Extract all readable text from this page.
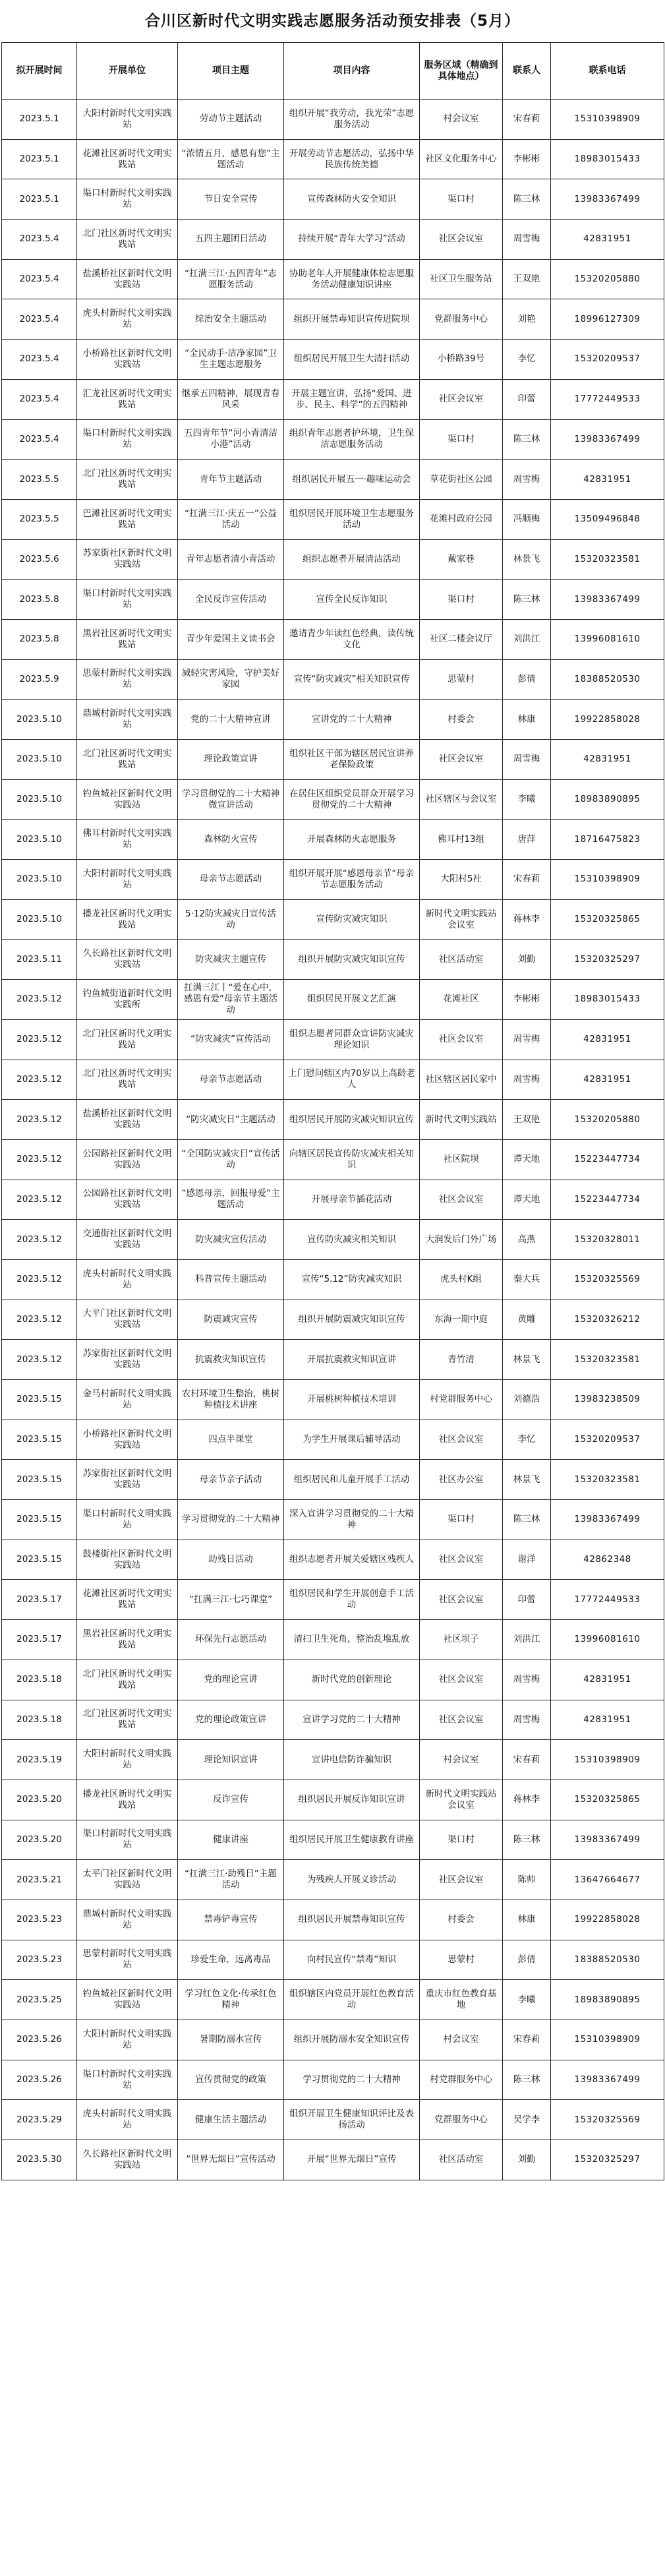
合川区新时代文明实践志愿服务活动预安排表（5月）
拟开展时间	开展单位	项目主题	项目内容	服务区域（精确到具体地点）	联系人	联系电话
2023.5.1	大阳村新时代文明实践站	劳动节主题活动	组织开展“我劳动，我光荣”志愿服务活动	村会议室	宋春莉	15310398909
2023.5.1	花滩社区新时代文明实践站	“浓情五月，感恩有您”主题活动	开展劳动节志愿活动，弘扬中华民族传统美德	社区文化服务中心	李彬彬	18983015433
2023.5.1	渠口村新时代文明实践站	节日安全宣传	宣传森林防火安全知识	渠口村	陈三林	13983367499
2023.5.4	北门社区新时代文明实践站	五四主题团日活动	持续开展“青年大学习”活动	社区会议室	周雪梅	42831951
2023.5.4	盐溪桥社区新时代文明实践站	“扛满三江·五四青年”志愿服务活动	协助老年人开展健康体检志愿服务活动健康知识讲座	社区卫生服务站	王双艳	15320205880
2023.5.4	虎头村新时代文明实践站	综治安全主题活动	组织开展禁毒知识宣传进院坝	党群服务中心	刘艳	18996127309
2023.5.4	小桥路社区新时代文明实践站	“全民动手·洁净家园”卫生主题志愿服务	组织居民开展卫生大清扫活动	小桥路39号	李忆	15320209537
2023.5.4	汇龙社区新时代文明实践站	继承五四精神，展现青春风采	开展主题宣讲，弘扬“爱国、进步、民主、科学”的五四精神	社区会议室	印蕾	17772449533
2023.5.4	渠口村新时代文明实践站	五四青年节“河小青清洁小港”活动	组织青年志愿者护环境，卫生保洁志愿服务活动	渠口村	陈三林	13983367499
2023.5.5	北门社区新时代文明实践站	青年节主题活动	组织居民开展五一·趣味运动会	草花街社区公园	周雪梅	42831951
2023.5.5	巴滩社区新时代文明实践站	“扛满三江·庆五一”公益活动	组织居民开展环境卫生志愿服务活动	花滩村政府公园	冯顺梅	13509496848
2023.5.6	苏家街社区新时代文明实践站	青年志愿者清小青活动	组织志愿者开展清洁活动	戴家巷	林景飞	15320323581
2023.5.8	渠口村新时代文明实践站	全民反诈宣传活动	宣传全民反诈知识	渠口村	陈三林	13983367499
2023.5.8	黑岩社区新时代文明实践站	青少年爱国主义读书会	邀请青少年读红色经典，读传统文化	社区二楼会议厅	刘洪江	13996081610
2023.5.9	思蒙村新时代文明实践站	减轻灾害风险，守护美好家园	宣传“防灾减灾”相关知识宣传	思蒙村	彭倩	18388520530
2023.5.10	鼎城村新时代文明实践站	党的二十大精神宣讲	宣讲党的二十大精神	村委会	林康	19922858028
2023.5.10	北门社区新时代文明实践站	理论政策宣讲	组织社区干部为辖区居民宣讲养老保险政策	社区会议室	周雪梅	42831951
2023.5.10	钓鱼城社区新时代文明实践站	学习贯彻党的二十大精神微宣讲活动	在居住区组织党员群众开展学习贯彻党的二十大精神	社区辖区与会议室	李曦	18983890895
2023.5.10	佛耳村新时代文明实践站	森林防火宣传	开展森林防火志愿服务	佛耳村13组	唐萍	18716475823
2023.5.10	大阳村新时代文明实践站	母亲节志愿活动	组织开展开展“感恩母亲节”母亲节志愿服务活动	大阳村5社	宋春莉	15310398909
2023.5.10	播龙社区新时代文明实践站	5·12防灾减灾日宣传活动	宣传防灾减灾知识	新时代文明实践站会议室	蒋林李	15320325865
2023.5.11	久长路社区新时代文明实践站	防灾减灾主题宣传	组织开展防灾减灾知识宣传	社区活动室	刘勤	15320325297
2023.5.12	钓鱼城街道新时代文明实践所	扛满三江丨“爱在心中，感恩有爱”母亲节主题活动	组织居民开展文艺汇演	花滩社区	李彬彬	18983015433
2023.5.12	北门社区新时代文明实践站	“防灾减灾”宣传活动	组织志愿者同群众宣讲防灾减灾理论知识	社区会议室	周雪梅	42831951
2023.5.12	北门社区新时代文明实践站	母亲节志愿活动	上门慰问辖区内70岁以上高龄老人	社区辖区居民家中	周雪梅	42831951
2023.5.12	盐溪桥社区新时代文明实践站	“防灾减灾日”主题活动	组织居民开展防灾减灾知识宣传	新时代文明实践站	王双艳	15320205880
2023.5.12	公园路社区新时代文明实践站	“全国防灾减灾日”宣传活动	向辖区居民宣传防灾减灾相关知识	社区院坝	谭天地	15223447734
2023.5.12	公园路社区新时代文明实践站	“感恩母亲，回报母爱”主题活动	开展母亲节插花活动	社区会议室	谭天地	15223447734
2023.5.12	交通街社区新时代文明实践站	防灾减灾宣传活动	宣传防灾减灾相关知识	大润发后门外广场	高燕	15320328011
2023.5.12	虎头村新时代文明实践站	科普宣传主题活动	宣传“5.12”防灾减灾知识	虎头村K组	秦大兵	15320325569
2023.5.12	大平门社区新时代文明实践站	防震减灾宣传	组织开展防震减灾知识宣传	东海一期中庭	黄雕	15320326212
2023.5.12	苏家街社区新时代文明实践站	抗震救灾知识宣传	开展抗震救灾知识宣讲	青竹清	林景飞	15320323581
2023.5.15	金马村新时代文明实践站	农村环境卫生整治，桃树种植技术讲座	开展桃树种植技术培训	村党群服务中心	刘德浩	13983238509
2023.5.15	小桥路社区新时代文明实践站	四点半课堂	为学生开展课后辅导活动	社区会议室	李忆	15320209537
2023.5.15	苏家街社区新时代文明实践站	母亲节亲子活动	组织居民和儿童开展手工活动	社区办公室	林景飞	15320323581
2023.5.15	渠口村新时代文明实践站	学习贯彻党的二十大精神	深入宣讲学习贯彻党的二十大精神	渠口村	陈三林	13983367499
2023.5.15	鼓楼街社区新时代文明实践站	助残日活动	组织志愿者开展关爱辖区残疾人	社区会议室	谢洋	42862348
2023.5.17	花滩社区新时代文明实践站	“扛满三江·七巧课堂”	组织居民和学生开展创意手工活动	社区会议室	印蕾	17772449533
2023.5.17	黑岩社区新时代文明实践站	环保先行志愿活动	清扫卫生死角，整治乱堆乱放	社区坝子	刘洪江	13996081610
2023.5.18	北门社区新时代文明实践站	党的理论宣讲	新时代党的创新理论	社区会议室	周雪梅	42831951
2023.5.18	北门社区新时代文明实践站	党的理论政策宣讲	宣讲学习党的二十大精神	社区会议室	周雪梅	42831951
2023.5.19	大阳村新时代文明实践站	理论知识宣讲	宣讲电信防诈骗知识	村会议室	宋春莉	15310398909
2023.5.20	播龙社区新时代文明实践站	反诈宣传	组织居民开展反诈知识宣讲	新时代文明实践站会议室	蒋林李	15320325865
2023.5.20	渠口村新时代文明实践站	健康讲座	组织居民开展卫生健康教育讲座	渠口村	陈三林	13983367499
2023.5.21	太平门社区新时代文明实践站	“扛满三江·助残日”主题活动	为残疾人开展义诊活动	社区会议室	陈帅	13647664677
2023.5.23	鼎城村新时代文明实践站	禁毒铲毒宣传	组织居民开展禁毒知识宣传	村委会	林康	19922858028
2023.5.23	思蒙村新时代文明实践站	珍爱生命，远离毒品	向村民宣传“禁毒”知识	思蒙村	彭倩	18388520530
2023.5.25	钓鱼城社区新时代文明实践站	学习红色文化·传承红色精神	组织辖区内党员开展红色教育活动	重庆市红色教育基地	李曦	18983890895
2023.5.26	大阳村新时代文明实践站	暑期防溺水宣传	组织开展防溺水安全知识宣传	村会议室	宋春莉	15310398909
2023.5.26	渠口村新时代文明实践站	宣传贯彻党的政策	学习贯彻党的二十大精神	村党群服务中心	陈三林	13983367499
2023.5.29	虎头村新时代文明实践站	健康生活主题活动	组织开展卫生健康知识评比及表扬活动	党群服务中心	吴学李	15320325569
2023.5.30	久长路社区新时代文明实践站	“世界无烟日”宣传活动	开展“世界无烟日”宣传	社区活动室	刘勤	15320325297
